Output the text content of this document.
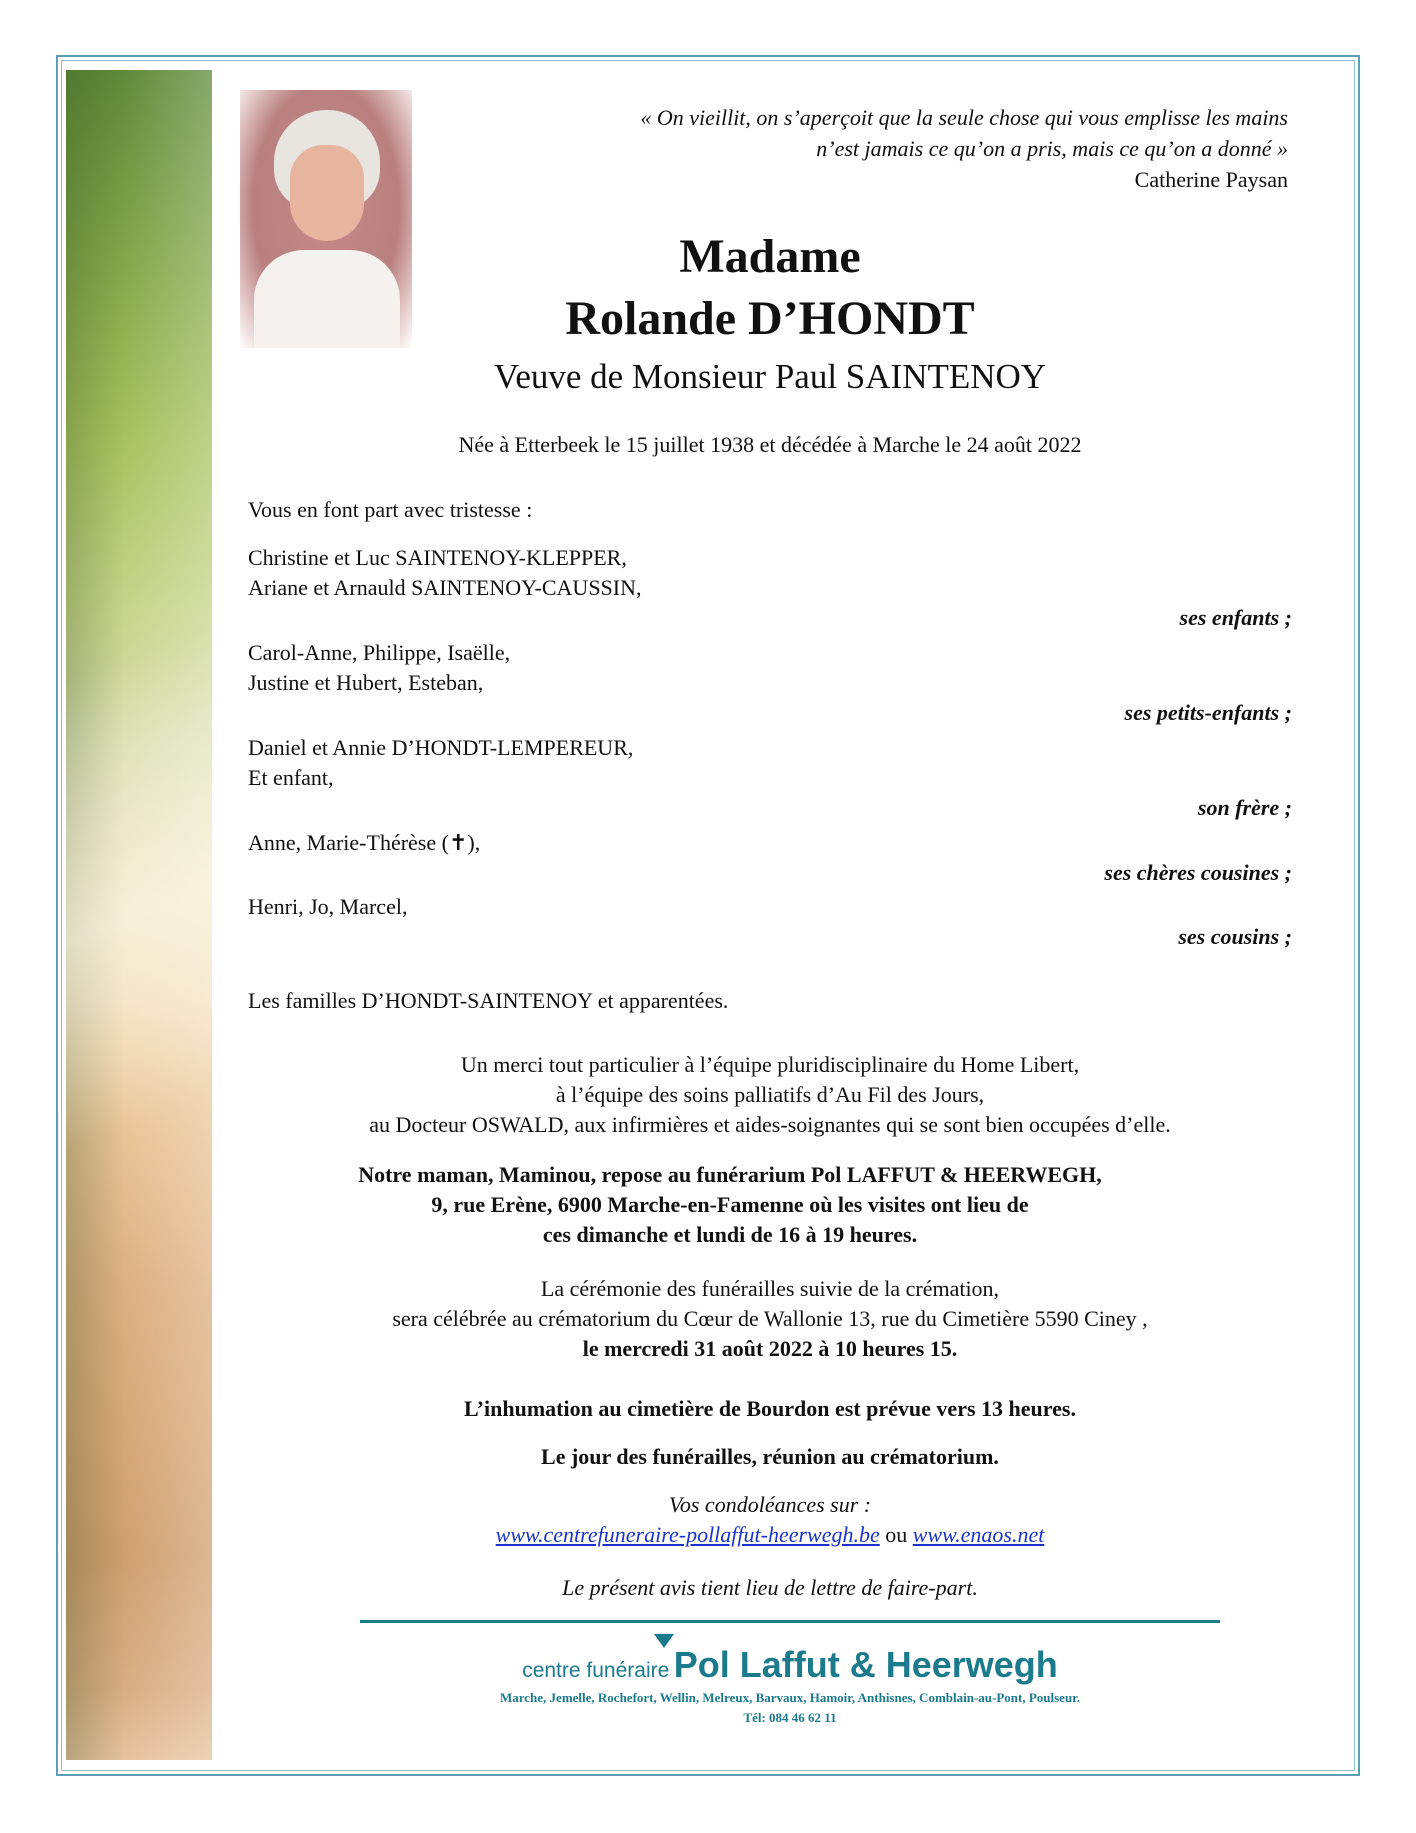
« On vieillit, on s’aperçoit que la seule chose qui vous emplisse les mains
n’est jamais ce qu’on a pris, mais ce qu’on a donné »
Catherine Paysan
Madame
Rolande D’HONDT
Veuve de Monsieur Paul SAINTENOY
Née à Etterbeek le 15 juillet 1938 et décédée à Marche le 24 août 2022
Vous en font part avec tristesse :
Christine et Luc SAINTENOY-KLEPPER,
Ariane et Arnauld SAINTENOY-CAUSSIN,
ses enfants ;
Carol-Anne, Philippe, Isaëlle,
Justine et Hubert, Esteban,
ses petits-enfants ;
Daniel et Annie D’HONDT-LEMPEREUR,
Et enfant,
son frère ;
Anne, Marie-Thérèse (✝),
ses chères cousines ;
Henri, Jo, Marcel,
ses cousins ;
Les familles D’HONDT-SAINTENOY et apparentées.
Un merci tout particulier à l’équipe pluridisciplinaire du Home Libert,
à l’équipe des soins palliatifs d’Au Fil des Jours,
au Docteur OSWALD, aux infirmières et aides-soignantes qui se sont bien occupées d’elle.
Notre maman, Maminou, repose au funérarium Pol LAFFUT & HEERWEGH,
9, rue Erène, 6900 Marche-en-Famenne où les visites ont lieu de
ces dimanche et lundi de 16 à 19 heures.
La cérémonie des funérailles suivie de la crémation,
sera célébrée au crématorium du Cœur de Wallonie 13, rue du Cimetière 5590 Ciney ,
le mercredi 31 août 2022 à 10 heures 15.
L’inhumation au cimetière de Bourdon est prévue vers 13 heures.
Le jour des funérailles, réunion au crématorium.
Vos condoléances sur :
www.centrefuneraire-pollaffut-heerwegh.be ou www.enaos.net
Le présent avis tient lieu de lettre de faire-part.
centre funéraire Pol Laffut & Heerwegh
Marche, Jemelle, Rochefort, Wellin, Melreux, Barvaux, Hamoir, Anthisnes, Comblain-au-Pont, Poulseur.
Tél: 084 46 62 11
